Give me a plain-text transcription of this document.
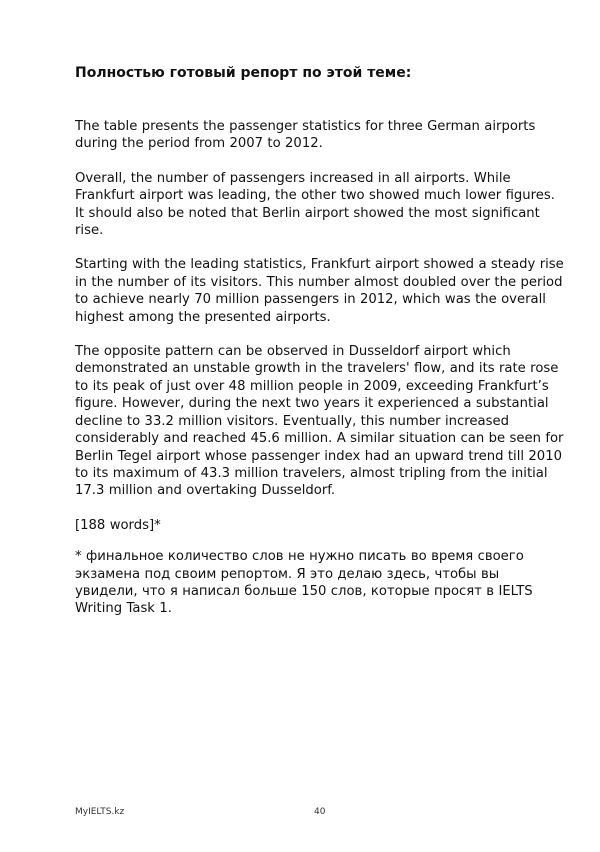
Полностью готовый репорт по этой теме:

The table presents the passenger statistics for three German airports during the period from 2007 to 2012.

Overall, the number of passengers increased in all airports. While Frankfurt airport was leading, the other two showed much lower figures. It should also be noted that Berlin airport showed the most significant rise.

Starting with the leading statistics, Frankfurt airport showed a steady rise in the number of its visitors. This number almost doubled over the period to achieve nearly 70 million passengers in 2012, which was the overall highest among the presented airports.

The opposite pattern can be observed in Dusseldorf airport which demonstrated an unstable growth in the travelers' flow, and its rate rose to its peak of just over 48 million people in 2009, exceeding Frankfurt’s figure. However, during the next two years it experienced a substantial decline to 33.2 million visitors. Eventually, this number increased considerably and reached 45.6 million. A similar situation can be seen for Berlin Tegel airport whose passenger index had an upward trend till 2010 to its maximum of 43.3 million travelers, almost tripling from the initial 17.3 million and overtaking Dusseldorf.

[188 words]*

* финальное количество слов не нужно писать во время своего экзамена под своим репортом. Я это делаю здесь, чтобы вы увидели, что я написал больше 150 слов, которые просят в IELTS Writing Task 1.

MyIELTS.kz	40
